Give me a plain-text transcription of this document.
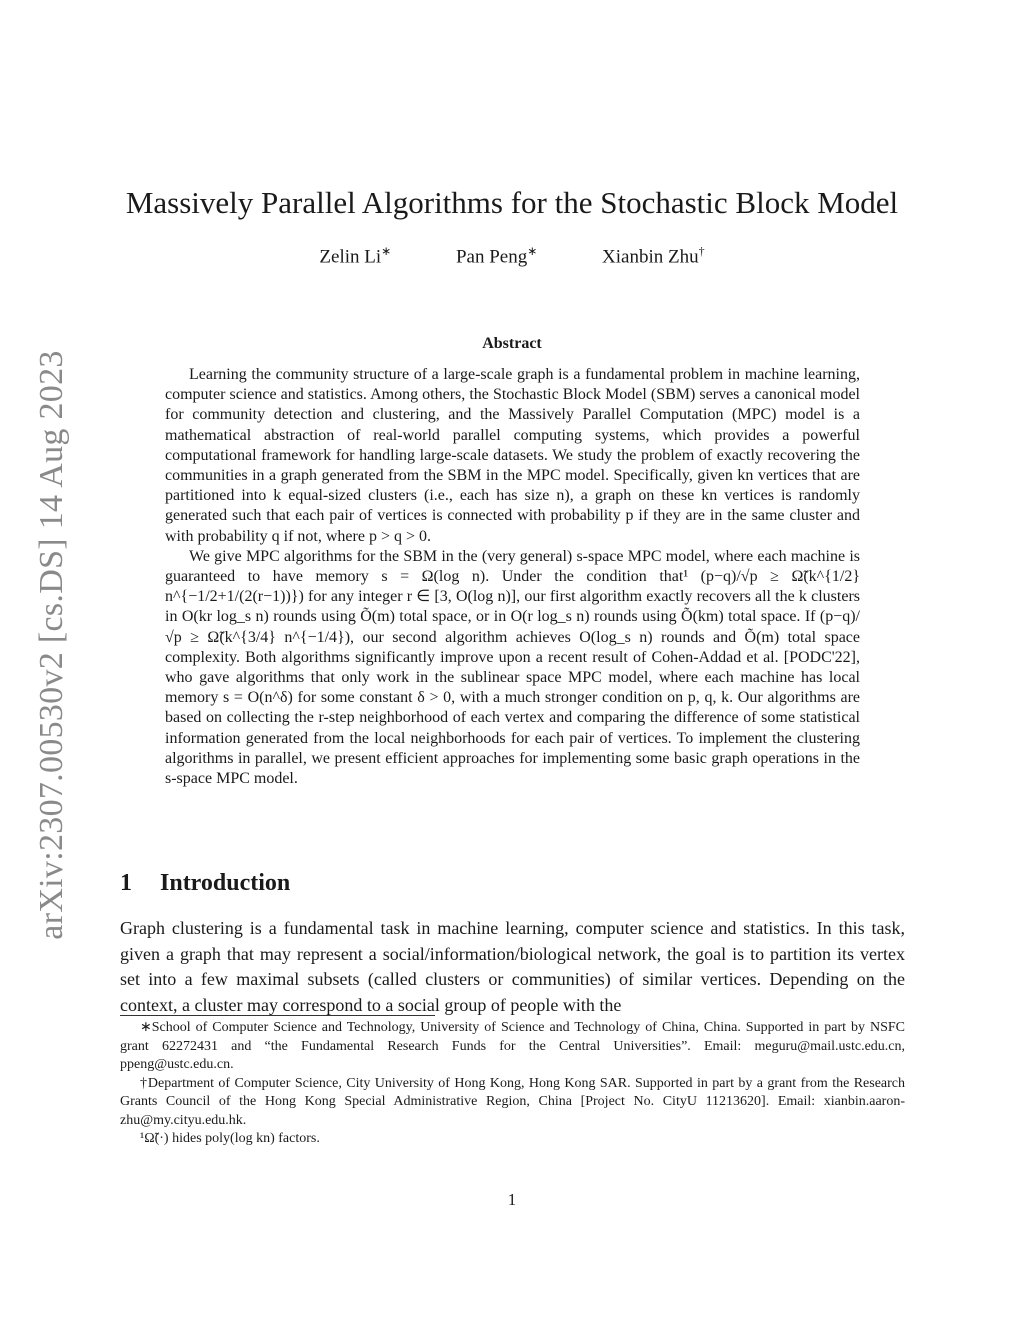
arXiv:2307.00530v2 [cs.DS] 14 Aug 2023
Massively Parallel Algorithms for the Stochastic Block Model
Zelin Li∗	Pan Peng∗	Xianbin Zhu†
Abstract

Learning the community structure of a large-scale graph is a fundamental problem in machine learning, computer science and statistics. Among others, the Stochastic Block Model (SBM) serves a canonical model for community detection and clustering, and the Massively Parallel Computation (MPC) model is a mathematical abstraction of real-world parallel computing systems, which provides a powerful computational framework for handling large-scale datasets. We study the problem of exactly recovering the communities in a graph generated from the SBM in the MPC model. Specifically, given kn vertices that are partitioned into k equal-sized clusters (i.e., each has size n), a graph on these kn vertices is randomly generated such that each pair of vertices is connected with probability p if they are in the same cluster and with probability q if not, where p > q > 0.

We give MPC algorithms for the SBM in the (very general) s-space MPC model, where each machine is guaranteed to have memory s = Ω(log n). Under the condition that¹ (p−q)/√p ≥ Ω̃(k^{1/2} n^{−1/2+1/(2(r−1))}) for any integer r ∈ [3, O(log n)], our first algorithm exactly recovers all the k clusters in O(kr log_s n) rounds using Õ(m) total space, or in O(r log_s n) rounds using Õ(km) total space. If (p−q)/√p ≥ Ω̃(k^{3/4} n^{−1/4}), our second algorithm achieves O(log_s n) rounds and Õ(m) total space complexity. Both algorithms significantly improve upon a recent result of Cohen-Addad et al. [PODC'22], who gave algorithms that only work in the sublinear space MPC model, where each machine has local memory s = O(n^δ) for some constant δ > 0, with a much stronger condition on p, q, k. Our algorithms are based on collecting the r-step neighborhood of each vertex and comparing the difference of some statistical information generated from the local neighborhoods for each pair of vertices. To implement the clustering algorithms in parallel, we present efficient approaches for implementing some basic graph operations in the s-space MPC model.

1 Introduction

Graph clustering is a fundamental task in machine learning, computer science and statistics. In this task, given a graph that may represent a social/information/biological network, the goal is to partition its vertex set into a few maximal subsets (called clusters or communities) of similar vertices. Depending on the context, a cluster may correspond to a social group of people with the

∗School of Computer Science and Technology, University of Science and Technology of China, China. Supported in part by NSFC grant 62272431 and “the Fundamental Research Funds for the Central Universities”. Email: meguru@mail.ustc.edu.cn, ppeng@ustc.edu.cn.

†Department of Computer Science, City University of Hong Kong, Hong Kong SAR. Supported in part by a grant from the Research Grants Council of the Hong Kong Special Administrative Region, China [Project No. CityU 11213620]. Email: xianbin.aaron-zhu@my.cityu.edu.hk.

¹Ω̃(·) hides poly(log kn) factors.

1
